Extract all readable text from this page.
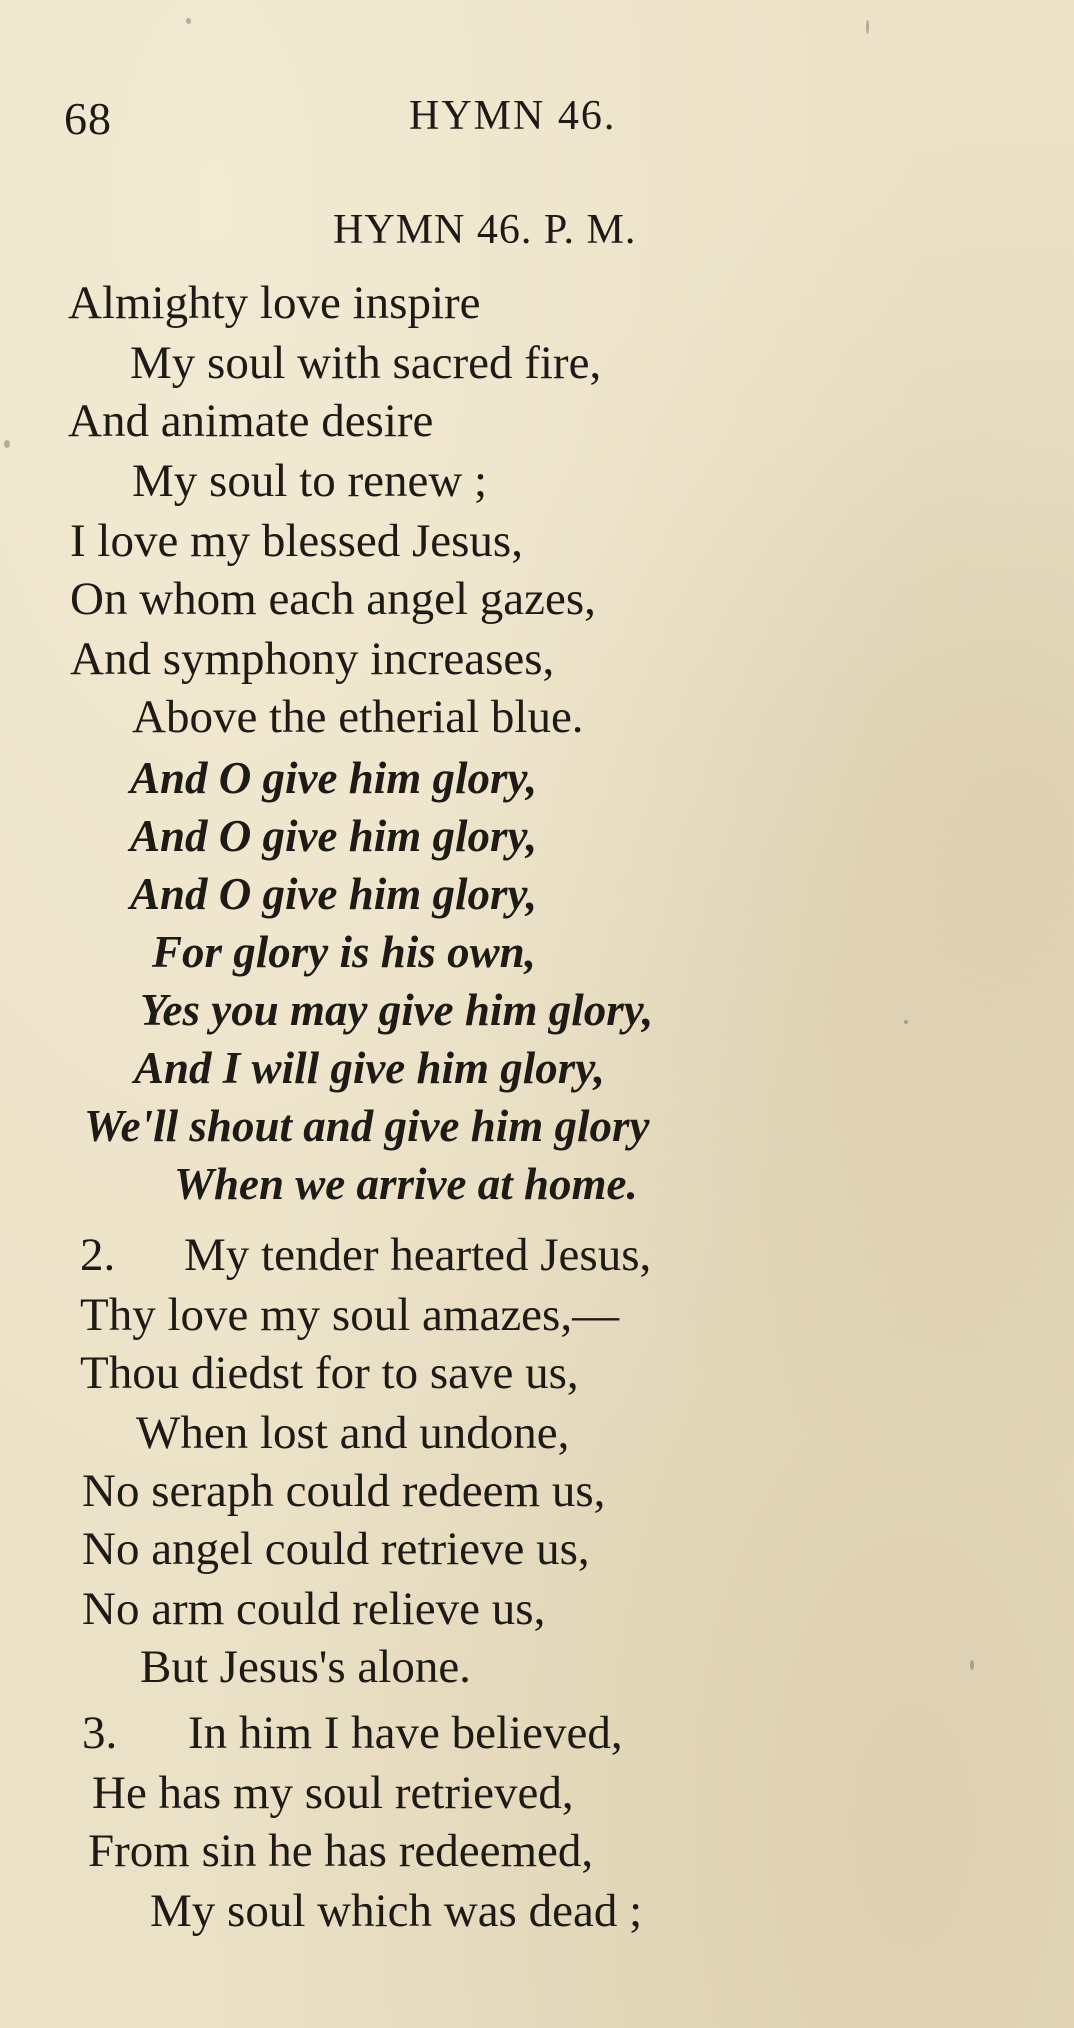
68	HYMN 46.
HYMN 46. P. M.
Almighty love inspire
My soul with sacred fire,
And animate desire
My soul to renew ;
I love my blessed Jesus,
On whom each angel gazes,
And symphony increases,
Above the etherial blue.
And O give him glory,
And O give him glory,
And O give him glory,
For glory is his own,
Yes you may give him glory,
And I will give him glory,
We'll shout and give him glory
When we arrive at home.
2. My tender hearted Jesus,
Thy love my soul amazes,—
Thou diedst for to save us,
When lost and undone,
No seraph could redeem us,
No angel could retrieve us,
No arm could relieve us,
But Jesus's alone.
3. In him I have believed,
He has my soul retrieved,
From sin he has redeemed,
My soul which was dead ;
